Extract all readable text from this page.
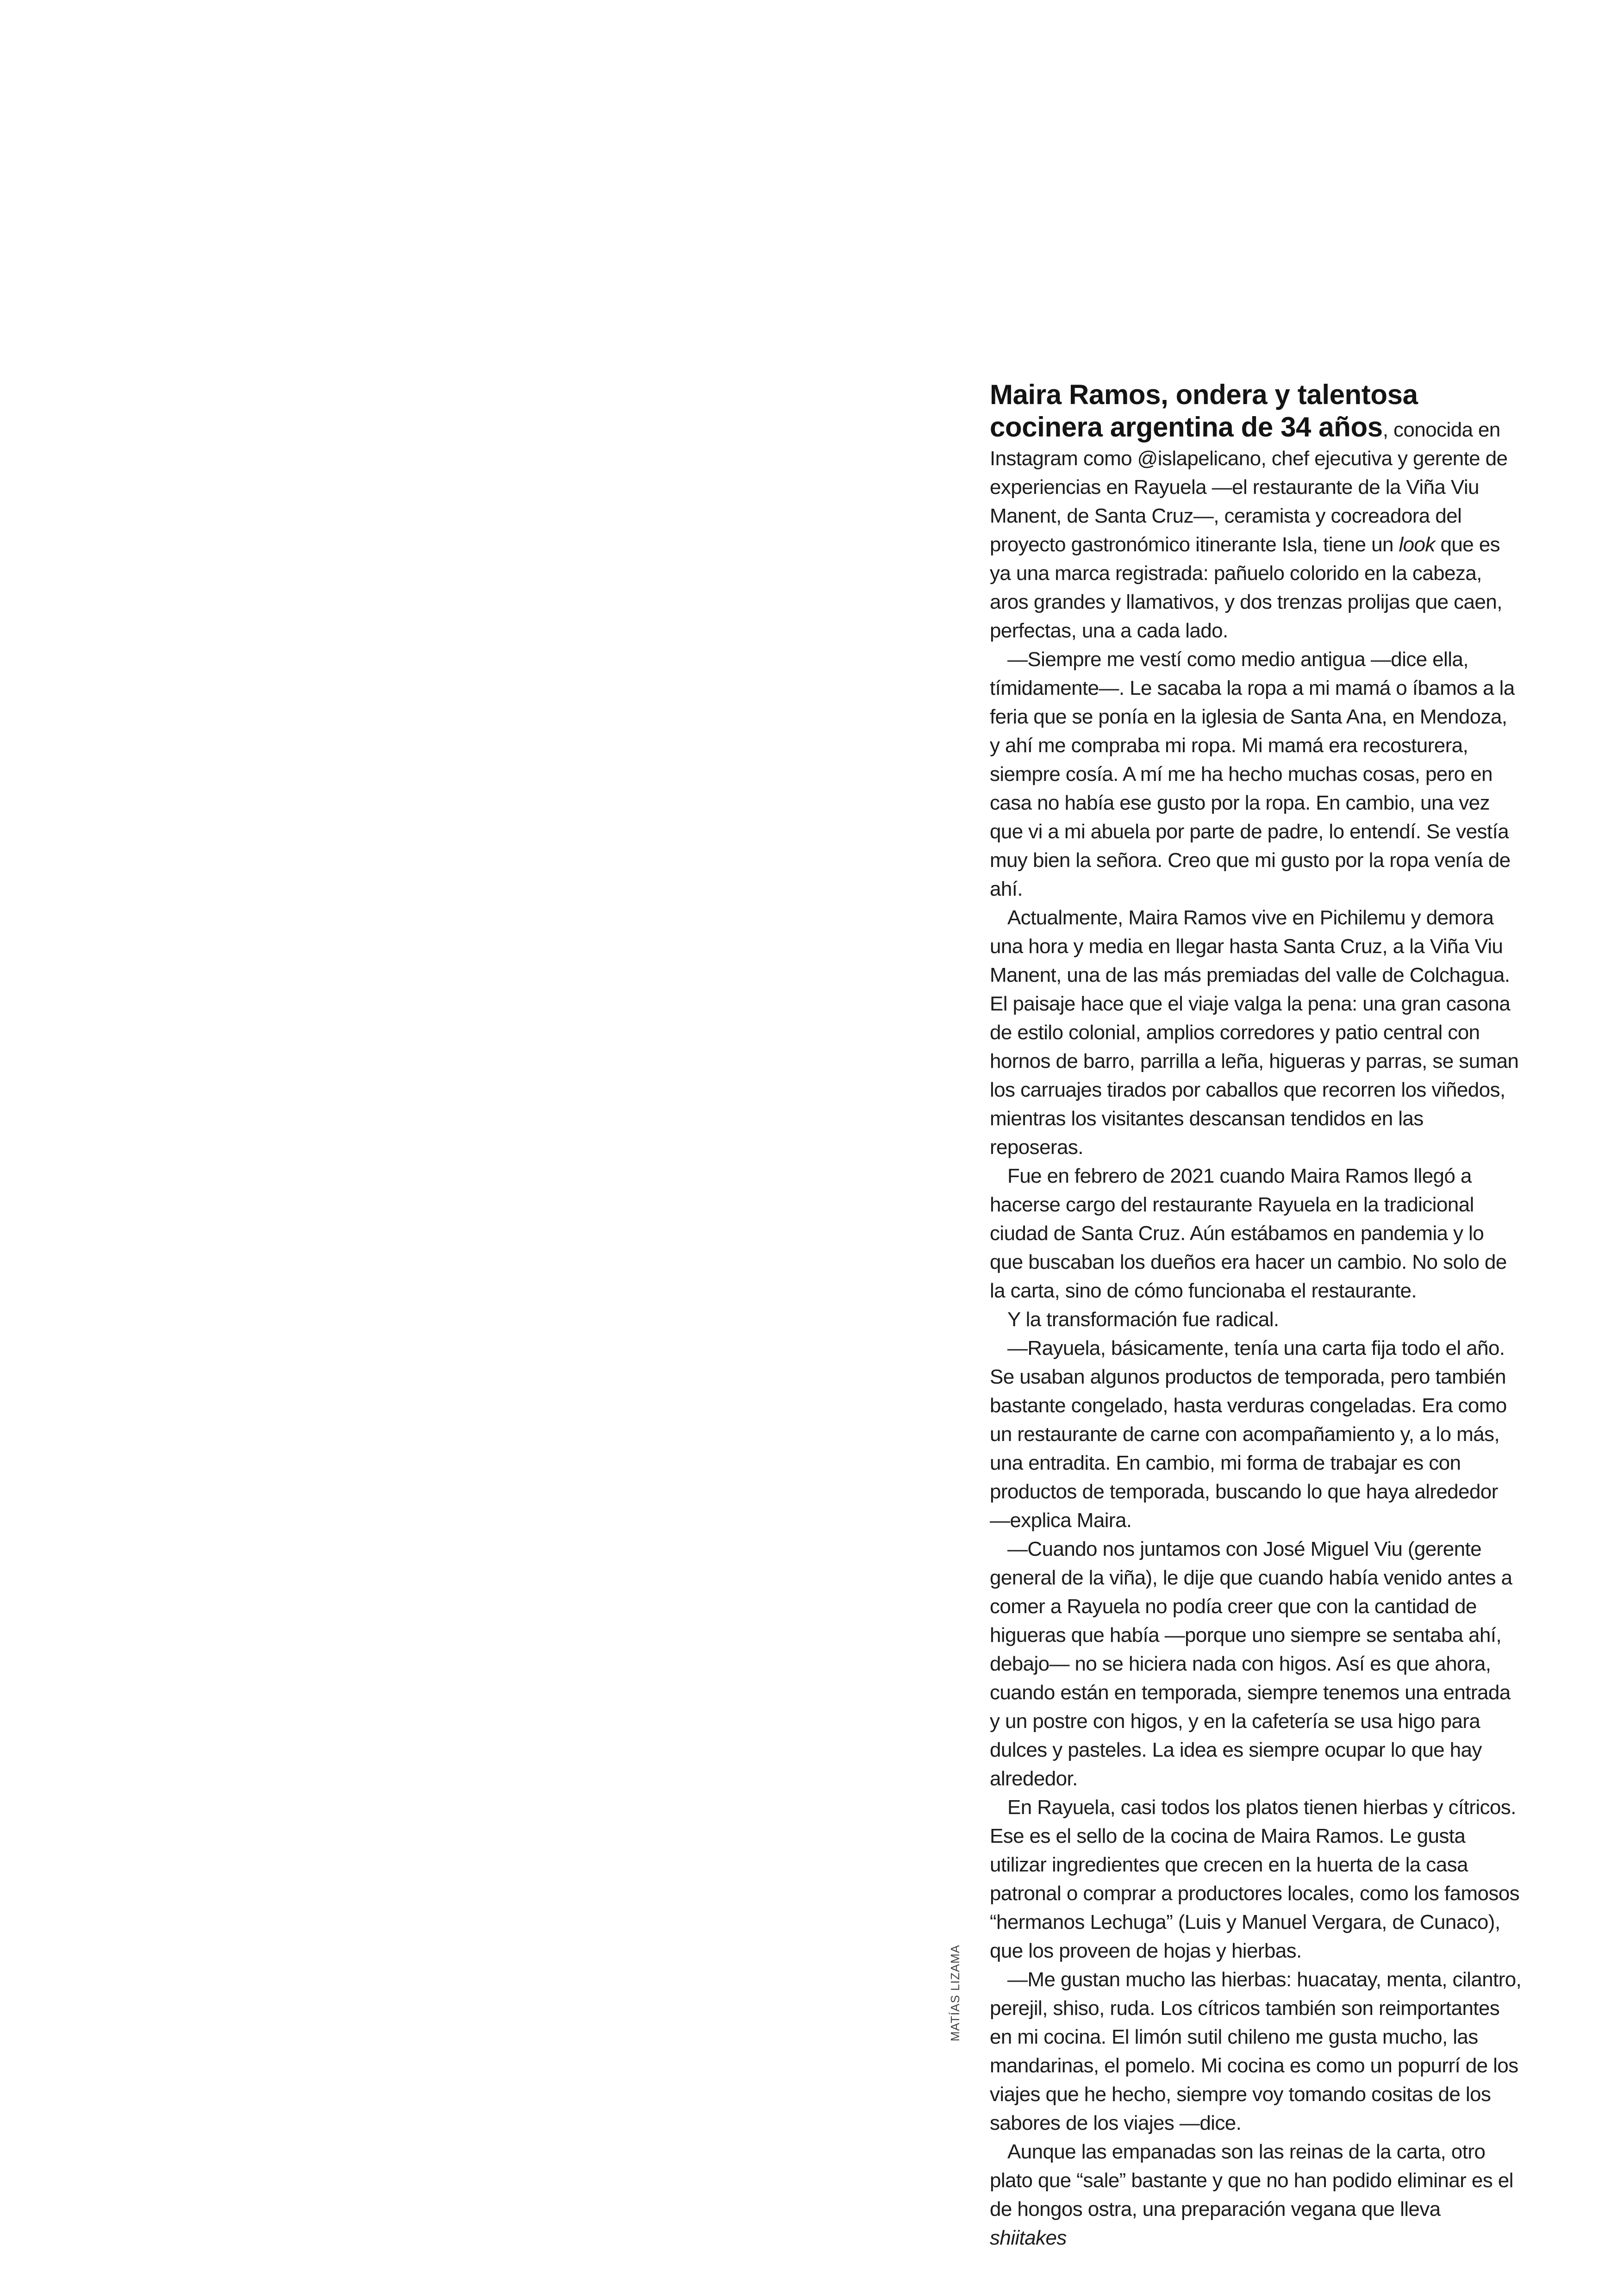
MATÍAS LIZAMA

Maira Ramos, ondera y talentosa cocinera argentina de 34 años, conocida en Instagram como @islapelicano, chef ejecutiva y gerente de experiencias en Rayuela —el restaurante de la Viña Viu Manent, de Santa Cruz—, ceramista y cocreadora del proyecto gastronómico itinerante Isla, tiene un look que es ya una marca registrada: pañuelo colorido en la cabeza, aros grandes y llamativos, y dos trenzas prolijas que caen, perfectas, una a cada lado.

—Siempre me vestí como medio antigua —dice ella, tímidamente—. Le sacaba la ropa a mi mamá o íbamos a la feria que se ponía en la iglesia de Santa Ana, en Mendoza, y ahí me compraba mi ropa. Mi mamá era recosturera, siempre cosía. A mí me ha hecho muchas cosas, pero en casa no había ese gusto por la ropa. En cambio, una vez que vi a mi abuela por parte de padre, lo entendí. Se vestía muy bien la señora. Creo que mi gusto por la ropa venía de ahí.

Actualmente, Maira Ramos vive en Pichilemu y demora una hora y media en llegar hasta Santa Cruz, a la Viña Viu Manent, una de las más premiadas del valle de Colchagua. El paisaje hace que el viaje valga la pena: una gran casona de estilo colonial, amplios corredores y patio central con hornos de barro, parrilla a leña, higueras y parras, se suman los carruajes tirados por caballos que recorren los viñedos, mientras los visitantes descansan tendidos en las reposeras.

Fue en febrero de 2021 cuando Maira Ramos llegó a hacerse cargo del restaurante Rayuela en la tradicional ciudad de Santa Cruz. Aún estábamos en pandemia y lo que buscaban los dueños era hacer un cambio. No solo de la carta, sino de cómo funcionaba el restaurante.

Y la transformación fue radical.

—Rayuela, básicamente, tenía una carta fija todo el año. Se usaban algunos productos de temporada, pero también bastante congelado, hasta verduras congeladas. Era como un restaurante de carne con acompañamiento y, a lo más, una entradita. En cambio, mi forma de trabajar es con productos de temporada, buscando lo que haya alrededor —explica Maira.

—Cuando nos juntamos con José Miguel Viu (gerente general de la viña), le dije que cuando había venido antes a comer a Rayuela no podía creer que con la cantidad de higueras que había —porque uno siempre se sentaba ahí, debajo— no se hiciera nada con higos. Así es que ahora, cuando están en temporada, siempre tenemos una entrada y un postre con higos, y en la cafetería se usa higo para dulces y pasteles. La idea es siempre ocupar lo que hay alrededor.

En Rayuela, casi todos los platos tienen hierbas y cítricos. Ese es el sello de la cocina de Maira Ramos. Le gusta utilizar ingredientes que crecen en la huerta de la casa patronal o comprar a productores locales, como los famosos “hermanos Lechuga” (Luis y Manuel Vergara, de Cunaco), que los proveen de hojas y hierbas.

—Me gustan mucho las hierbas: huacatay, menta, cilantro, perejil, shiso, ruda. Los cítricos también son reimportantes en mi cocina. El limón sutil chileno me gusta mucho, las mandarinas, el pomelo. Mi cocina es como un popurrí de los viajes que he hecho, siempre voy tomando cositas de los sabores de los viajes —dice.

Aunque las empanadas son las reinas de la carta, otro plato que “sale” bastante y que no han podido eliminar es el de hongos ostra, una preparación vegana que lleva shiitakes
